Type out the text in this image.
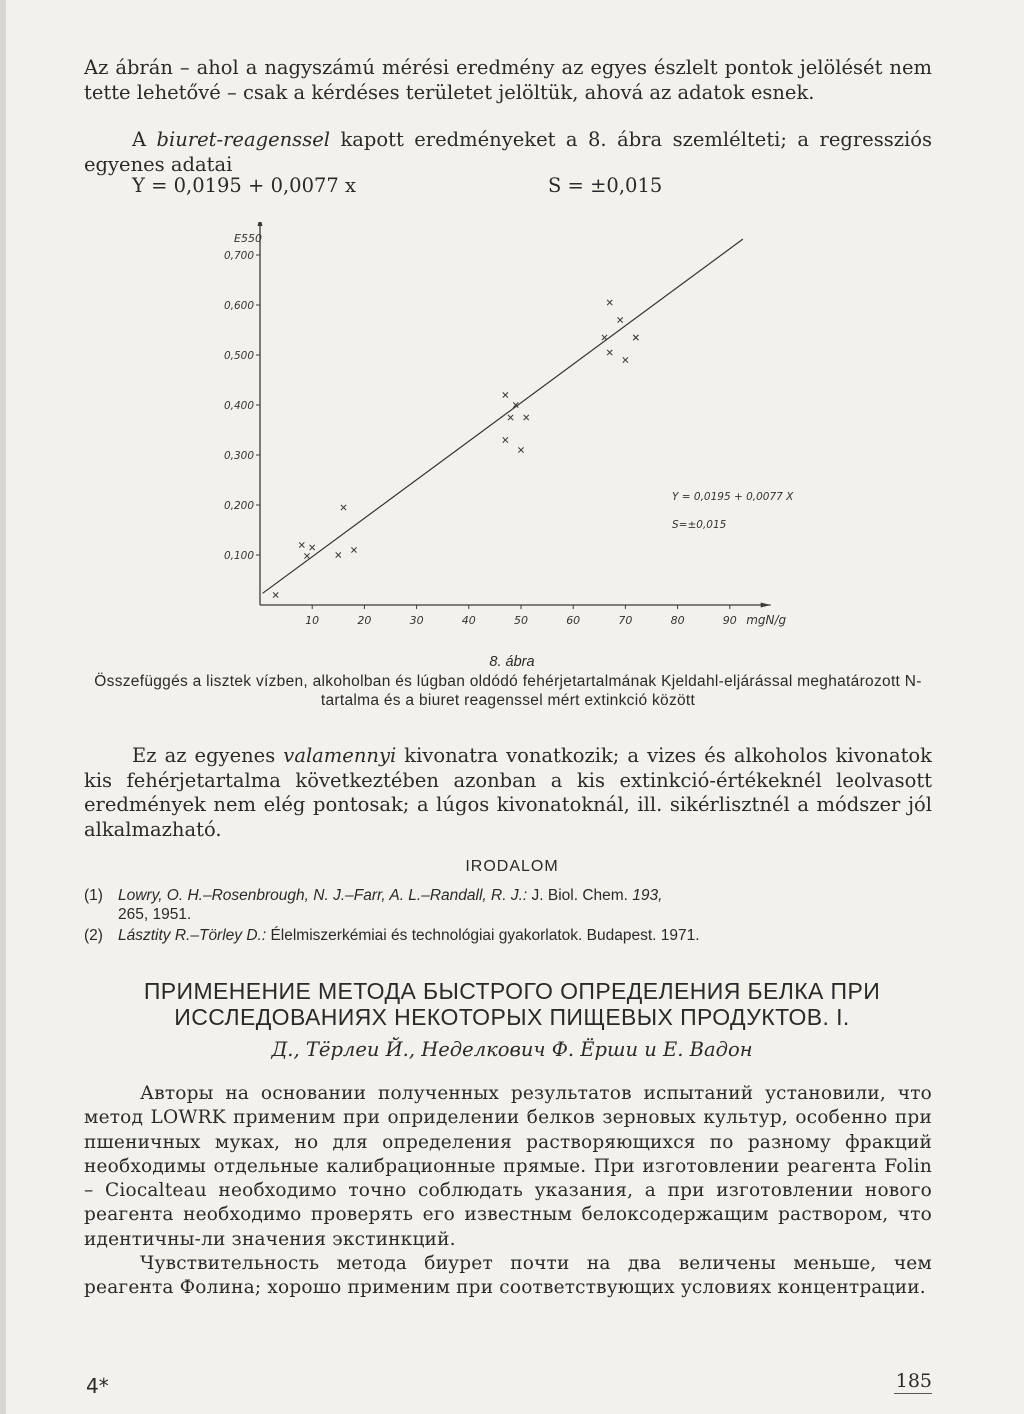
Az ábrán – ahol a nagyszámú mérési eredmény az egyes észlelt pontok jelölését nem tette lehetővé – csak a kérdéses területet jelöltük, ahová az adatok esnek.

A biuret-reagenssel kapott eredményeket a 8. ábra szemlélteti; a regressziós egyenes adatai

Y = 0,0195 + 0,0077 x	S = ±0,015
0,100
0,200
0,300
0,400
0,500
0,600
0,700
10	20	30	40	50	60	70	80	90
E550
mgN/g
Y = 0,0195 + 0,0077 X
S=±0,015
8. ábra
Összefüggés a lisztek vízben, alkoholban és lúgban oldódó fehérjetartalmának Kjeldahl-eljárással meghatározott N-tartalma és a biuret reagenssel mért extinkció között

Ez az egyenes valamennyi kivonatra vonatkozik; a vizes és alkoholos kivonatok kis fehérjetartalma következtében azonban a kis extinkció-értékeknél leolvasott eredmények nem elég pontosak; a lúgos kivonatoknál, ill. sikérlisztnél a módszer jól alkalmazható.

IRODALOM
(1) Lowry, O. H.–Rosenbrough, N. J.–Farr, A. L.–Randall, R. J.: J. Biol. Chem. 193,
265, 1951.
(2) Lásztity R.–Törley D.: Élelmiszerkémiai és technológiai gyakorlatok. Budapest. 1971.
ПРИМЕНЕНИЕ МЕТОДА БЫСТРОГО ОПРЕДЕЛЕНИЯ БЕЛКА ПРИ ИССЛЕДОВАНИЯХ НЕКОТОРЫХ ПИЩЕВЫХ ПРОДУКТОВ. I.
Д., Тёрлеи Й., Неделкович Ф. Ёрши и Е. Вадон

Авторы на основании полученных результатов испытаний установили, что метод LOWRK применим при оприделении белков зерновых культур, особенно при пшеничных муках, но для определения растворяющихся по разному фракций необходимы отдельные калибрационные прямые. При изготовлении реагента Folin – Ciocalteau необходимо точно соблюдать указания, а при изготовлении нового реагента необходимо проверять его известным белоксодержащим раствором, что идентичны-ли значения экстинкций.

Чувствительность метода биурет почти на два величены меньше, чем реагента Фолина; хорошо применим при соответствующих условиях концентрации.

4*	185
